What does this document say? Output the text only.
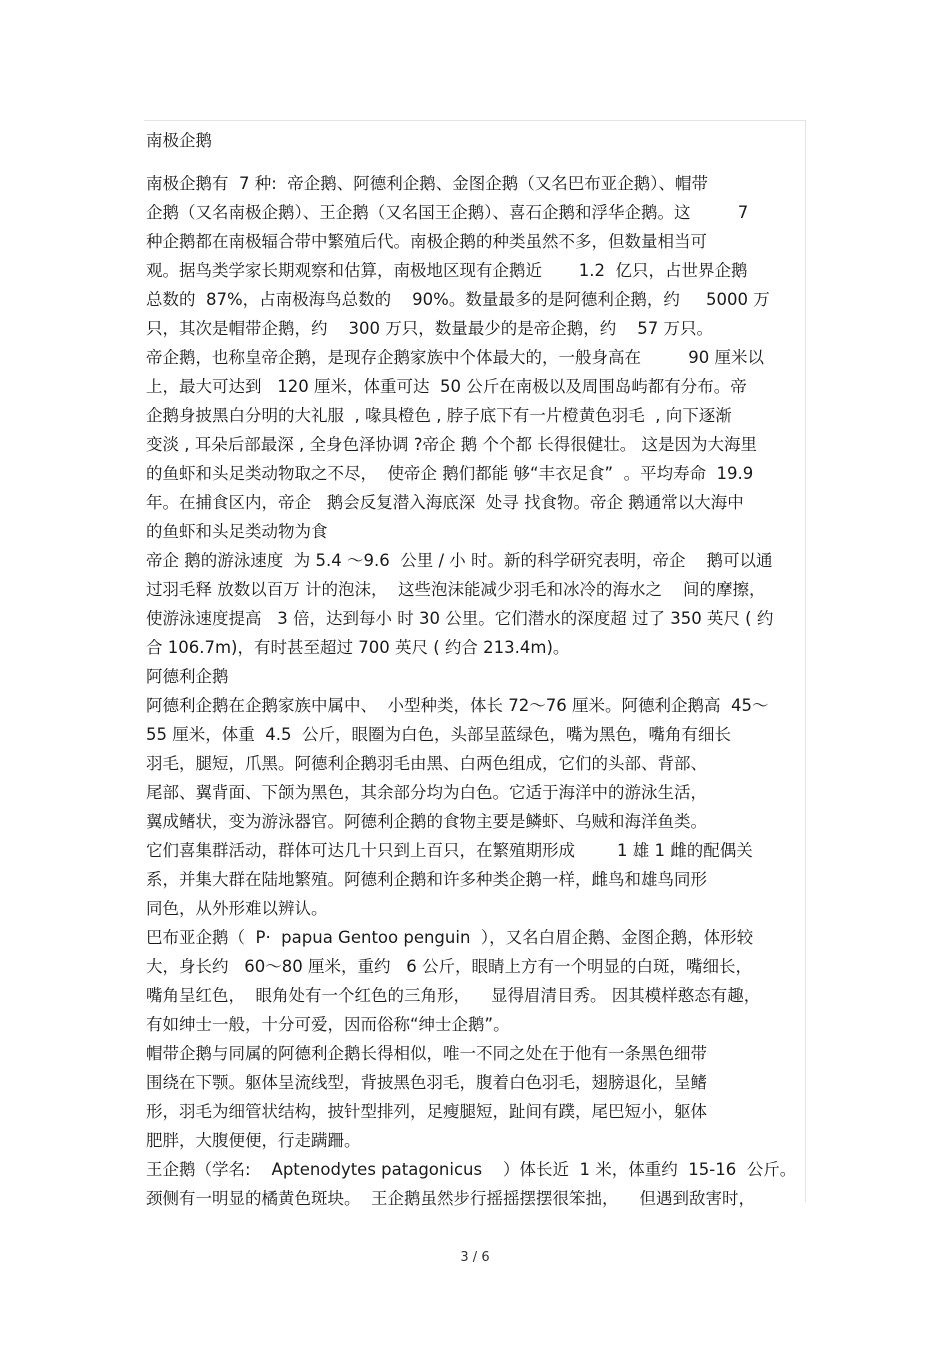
南极企鹅
南极企鹅有  7 种:  帝企鹅、阿德利企鹅、金图企鹅（又名巴布亚企鹅）、帽带
企鹅（又名南极企鹅）、王企鹅（又名国王企鹅）、喜石企鹅和浮华企鹅。这         7
种企鹅都在南极辐合带中繁殖后代。南极企鹅的种类虽然不多，但数量相当可
观。据鸟类学家长期观察和估算，南极地区现有企鹅近       1.2  亿只，占世界企鹅
总数的  87%，占南极海鸟总数的    90%。数量最多的是阿德利企鹅，约     5000 万
只，其次是帽带企鹅，约    300 万只，数量最少的是帝企鹅，约    57 万只。
帝企鹅，也称皇帝企鹅，是现存企鹅家族中个体最大的，一般身高在         90 厘米以
上，最大可达到   120 厘米，体重可达  50 公斤在南极以及周围岛屿都有分布。帝
企鹅身披黑白分明的大礼服  , 喙具橙色 , 脖子底下有一片橙黄色羽毛  , 向下逐渐
变淡 , 耳朵后部最深 , 全身色泽协调 ?帝企 鹅 个个都 长得很健壮。 这是因为大海里
的鱼虾和头足类动物取之不尽，  使帝企 鹅们都能 够“丰衣足食”  。平均寿命  19.9
年。在捕食区内，帝企   鹅会反复潜入海底深  处寻 找食物。帝企 鹅通常以大海中
的鱼虾和头足类动物为食
帝企 鹅的游泳速度  为 5.4 ～9.6  公里 / 小 时。新的科学研究表明，帝企    鹅可以通
过羽毛释 放数以百万 计的泡沫，  这些泡沫能减少羽毛和冰冷的海水之    间的摩擦，
使游泳速度提高   3 倍，达到每小 时 30 公里。它们潜水的深度超 过了 350 英尺 ( 约
合 106.7m)，有时甚至超过 700 英尺 ( 约合 213.4m)。
阿德利企鹅
阿德利企鹅在企鹅家族中属中、  小型种类，体长 72～76 厘米。阿德利企鹅高  45～
55 厘米，体重  4.5  公斤，眼圈为白色，头部呈蓝绿色，嘴为黑色，嘴角有细长
羽毛，腿短，爪黑。阿德利企鹅羽毛由黑、白两色组成，它们的头部、背部、
尾部、翼背面、下颌为黑色，其余部分均为白色。它适于海洋中的游泳生活，
翼成鳍状，变为游泳器官。阿德利企鹅的食物主要是鳞虾、乌贼和海洋鱼类。
它们喜集群活动，群体可达几十只到上百只，在繁殖期形成        1 雄 1 雌的配偶关
系，并集大群在陆地繁殖。阿德利企鹅和许多种类企鹅一样，雌鸟和雄鸟同形
同色，从外形难以辨认。
巴布亚企鹅（  P·  papua Gentoo penguin  ），又名白眉企鹅、金图企鹅，体形较
大，身长约   60～80 厘米，重约   6 公斤，眼睛上方有一个明显的白斑，嘴细长，
嘴角呈红色，  眼角处有一个红色的三角形，    显得眉清目秀。 因其模样憨态有趣，
有如绅士一般，十分可爱，因而俗称“绅士企鹅”。
帽带企鹅与同属的阿德利企鹅长得相似，唯一不同之处在于他有一条黑色细带
围绕在下颚。躯体呈流线型，背披黑色羽毛，腹着白色羽毛，翅膀退化，呈鳍
形，羽毛为细管状结构，披针型排列，足瘦腿短，趾间有蹼，尾巴短小，躯体
肥胖，大腹便便，行走蹒跚。
王企鹅（学名:    Aptenodytes patagonicus    ）体长近  1 米，体重约  15-16  公斤。
颈侧有一明显的橘黄色斑块。  王企鹅虽然步行摇摇摆摆很笨拙，    但遇到敌害时，
3 / 6
